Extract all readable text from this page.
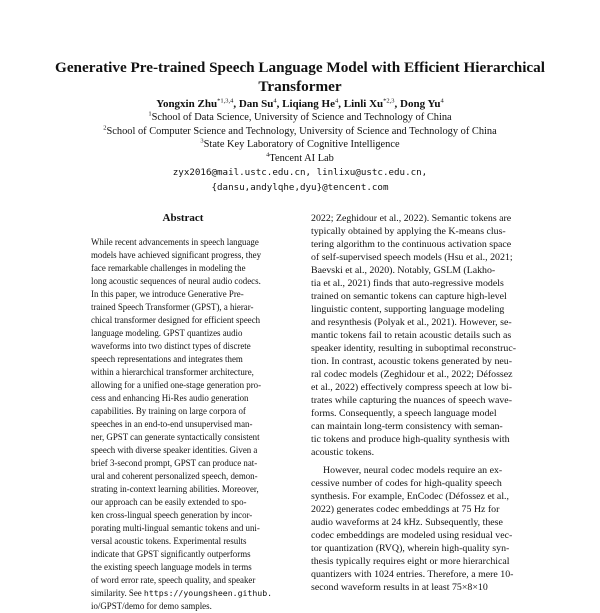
Generative Pre-trained Speech Language Model with Efficient Hierarchical
Transformer
Yongxin Zhu$^{*1,3,4}$, Dan Su$^4$, Liqiang He$^4$, Linli Xu$^{*2,3}$, Dong Yu$^4$
$^1$School of Data Science, University of Science and Technology of China
$^2$School of Computer Science and Technology, University of Science and Technology of China
$^3$State Key Laboratory of Cognitive Intelligence
$^4$Tencent AI Lab
zyx2016@mail.ustc.edu.cn, linlixu@ustc.edu.cn,
{dansu,andylqhe,dyu}@tencent.com
Abstract
While recent advancements in speech language
models have achieved significant progress, they
face remarkable challenges in modeling the
long acoustic sequences of neural audio codecs.
In this paper, we introduce Generative Pre-
trained Speech Transformer (GPST), a hierar-
chical transformer designed for efficient speech
language modeling. GPST quantizes audio
waveforms into two distinct types of discrete
speech representations and integrates them
within a hierarchical transformer architecture,
allowing for a unified one-stage generation pro-
cess and enhancing Hi-Res audio generation
capabilities. By training on large corpora of
speeches in an end-to-end unsupervised man-
ner, GPST can generate syntactically consistent
speech with diverse speaker identities. Given a
brief 3-second prompt, GPST can produce nat-
ural and coherent personalized speech, demon-
strating in-context learning abilities. Moreover,
our approach can be easily extended to spo-
ken cross-lingual speech generation by incor-
porating multi-lingual semantic tokens and uni-
versal acoustic tokens. Experimental results
indicate that GPST significantly outperforms
the existing speech language models in terms
of word error rate, speech quality, and speaker
similarity. See https://youngsheen.github.
io/GPST/demo for demo samples.
2022; Zeghidour et al., 2022). Semantic tokens are
typically obtained by applying the K-means clus-
tering algorithm to the continuous activation space
of self-supervised speech models (Hsu et al., 2021;
Baevski et al., 2020). Notably, GSLM (Lakho-
tia et al., 2021) finds that auto-regressive models
trained on semantic tokens can capture high-level
linguistic content, supporting language modeling
and resynthesis (Polyak et al., 2021). However, se-
mantic tokens fail to retain acoustic details such as
speaker identity, resulting in suboptimal reconstruc-
tion. In contrast, acoustic tokens generated by neu-
ral codec models (Zeghidour et al., 2022; Défossez
et al., 2022) effectively compress speech at low bi-
trates while capturing the nuances of speech wave-
forms. Consequently, a speech language model
can maintain long-term consistency with seman-
tic tokens and produce high-quality synthesis with
acoustic tokens.
However, neural codec models require an ex-
cessive number of codes for high-quality speech
synthesis. For example, EnCodec (Défossez et al.,
2022) generates codec embeddings at 75 Hz for
audio waveforms at 24 kHz. Subsequently, these
codec embeddings are modeled using residual vec-
tor quantization (RVQ), wherein high-quality syn-
thesis typically requires eight or more hierarchical
quantizers with 1024 entries. Therefore, a mere 10-
second waveform results in at least 75×8×10
